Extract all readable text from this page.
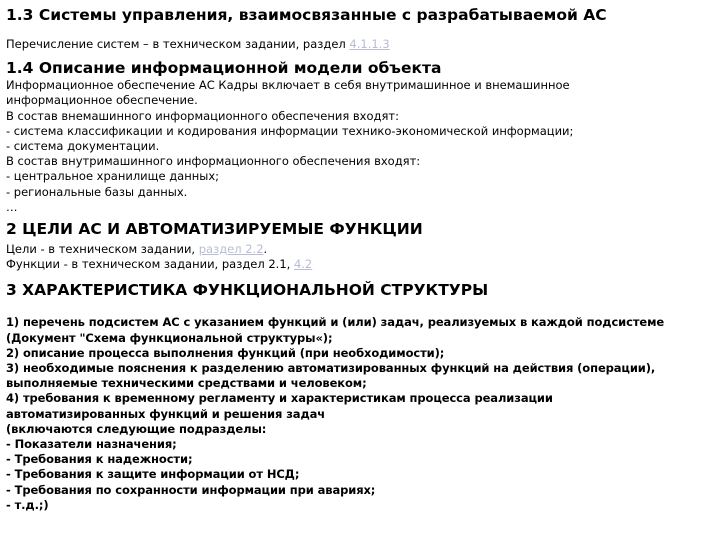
1.3 Системы управления, взаимосвязанные с разрабатываемой АС
Перечисление систем – в техническом задании, раздел 4.1.1.3
1.4 Описание информационной модели объекта
Информационное обеспечение АС Кадры включает в себя внутримашинное и внемашинное
информационное обеспечение.
В состав внемашинного информационного обеспечения входят:
- система классификации и кодирования информации технико-экономической информации;
- система документации.
В состав внутримашинного информационного обеспечения входят:
- центральное хранилище данных;
- региональные базы данных.
…
2 ЦЕЛИ АС И АВТОМАТИЗИРУЕМЫЕ ФУНКЦИИ
Цели - в техническом задании, раздел 2.2.
Функции - в техническом задании, раздел 2.1, 4.2
3 ХАРАКТЕРИСТИКА ФУНКЦИОНАЛЬНОЙ СТРУКТУРЫ
1) перечень подсистем АС с указанием функций и (или) задач, реализуемых в каждой подсистеме
(Документ "Схема функциональной структуры«);
2) описание процесса выполнения функций (при необходимости);
3) необходимые пояснения к разделению автоматизированных функций на действия (операции),
выполняемые техническими средствами и человеком;
4) требования к временному регламенту и характеристикам процесса реализации
автоматизированных функций и решения задач
(включаются следующие подразделы:
- Показатели назначения;
- Требования к надежности;
- Требования к защите информации от НСД;
- Требования по сохранности информации при авариях;
- т.д.;)
